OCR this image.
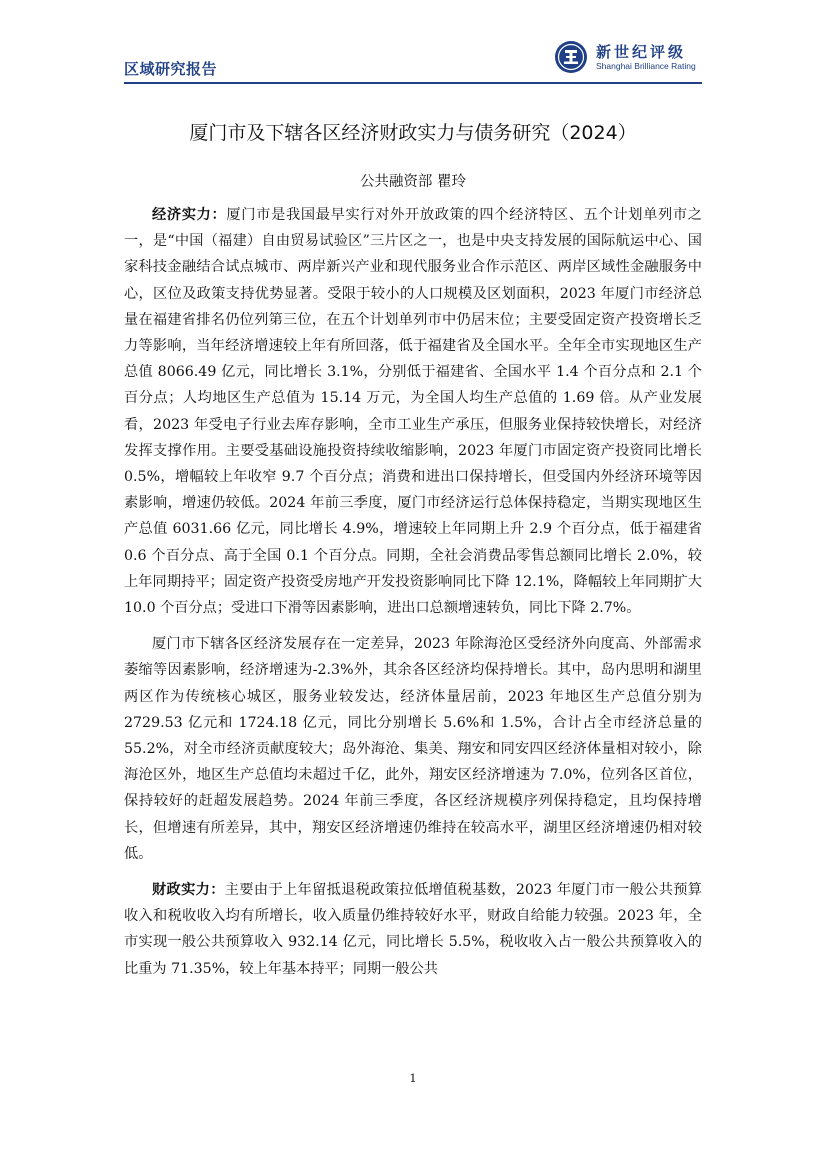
区域研究报告
新世纪评级
Shanghai Brilliance Rating
厦门市及下辖各区经济财政实力与债务研究（2024）
公共融资部 瞿玲

经济实力：厦门市是我国最早实行对外开放政策的四个经济特区、五个计划单列市之一，是“中国（福建）自由贸易试验区”三片区之一，也是中央支持发展的国际航运中心、国家科技金融结合试点城市、两岸新兴产业和现代服务业合作示范区、两岸区域性金融服务中心，区位及政策支持优势显著。受限于较小的人口规模及区划面积，2023 年厦门市经济总量在福建省排名仍位列第三位，在五个计划单列市中仍居末位；主要受固定资产投资增长乏力等影响，当年经济增速较上年有所回落，低于福建省及全国水平。全年全市实现地区生产总值 8066.49 亿元，同比增长 3.1%，分别低于福建省、全国水平 1.4 个百分点和 2.1 个百分点；人均地区生产总值为 15.14 万元，为全国人均生产总值的 1.69 倍。从产业发展看，2023 年受电子行业去库存影响，全市工业生产承压，但服务业保持较快增长，对经济发挥支撑作用。主要受基础设施投资持续收缩影响，2023 年厦门市固定资产投资同比增长 0.5%，增幅较上年收窄 9.7 个百分点；消费和进出口保持增长，但受国内外经济环境等因素影响，增速仍较低。2024 年前三季度，厦门市经济运行总体保持稳定，当期实现地区生产总值 6031.66 亿元，同比增长 4.9%，增速较上年同期上升 2.9 个百分点，低于福建省 0.6 个百分点、高于全国 0.1 个百分点。同期，全社会消费品零售总额同比增长 2.0%，较上年同期持平；固定资产投资受房地产开发投资影响同比下降 12.1%，降幅较上年同期扩大 10.0 个百分点；受进口下滑等因素影响，进出口总额增速转负，同比下降 2.7%。

厦门市下辖各区经济发展存在一定差异，2023 年除海沧区受经济外向度高、外部需求萎缩等因素影响，经济增速为-2.3%外，其余各区经济均保持增长。其中，岛内思明和湖里两区作为传统核心城区，服务业较发达，经济体量居前，2023 年地区生产总值分别为 2729.53 亿元和 1724.18 亿元，同比分别增长 5.6%和 1.5%，合计占全市经济总量的 55.2%，对全市经济贡献度较大；岛外海沧、集美、翔安和同安四区经济体量相对较小，除海沧区外，地区生产总值均未超过千亿，此外，翔安区经济增速为 7.0%，位列各区首位，保持较好的赶超发展趋势。2024 年前三季度，各区经济规模序列保持稳定，且均保持增长，但增速有所差异，其中，翔安区经济增速仍维持在较高水平，湖里区经济增速仍相对较低。

财政实力：主要由于上年留抵退税政策拉低增值税基数，2023 年厦门市一般公共预算收入和税收收入均有所增长，收入质量仍维持较好水平，财政自给能力较强。2023 年，全市实现一般公共预算收入 932.14 亿元，同比增长 5.5%，税收收入占一般公共预算收入的比重为 71.35%，较上年基本持平；同期一般公共

1
